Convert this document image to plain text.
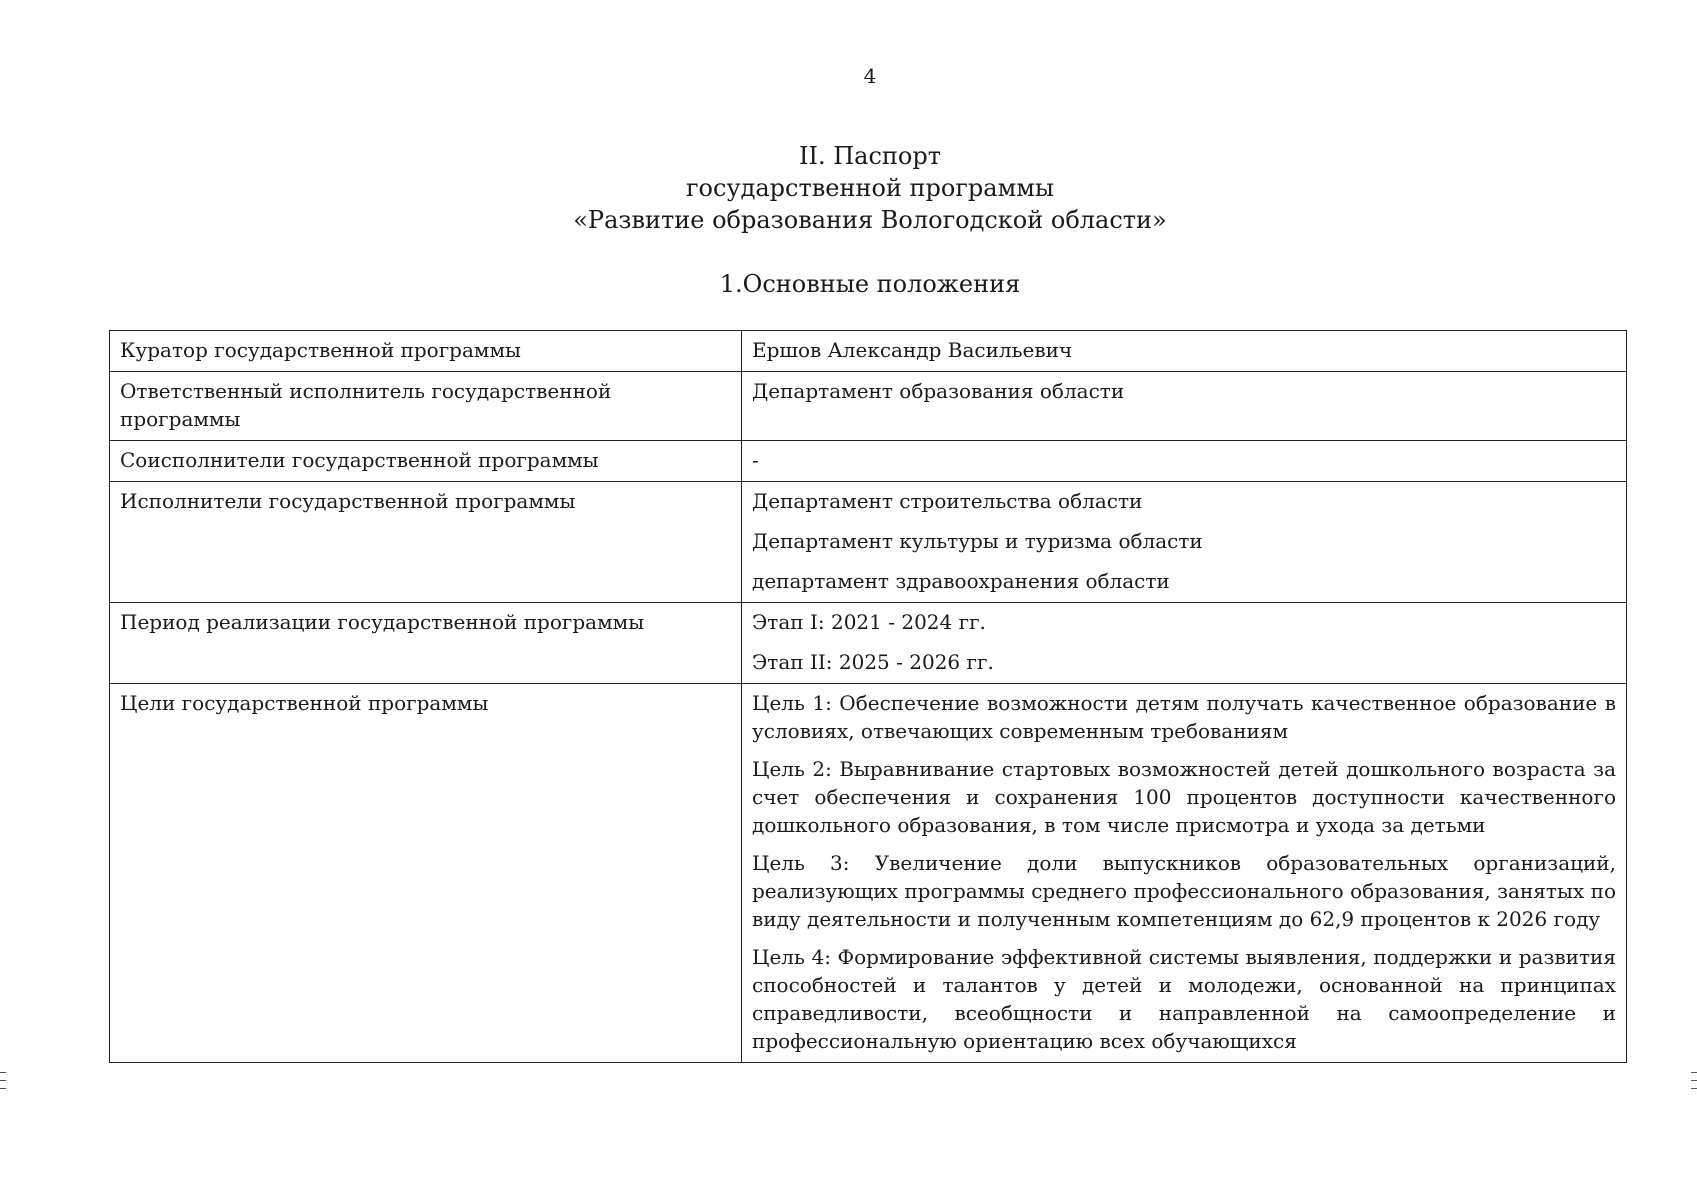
4
II. Паспорт
государственной программы
«Развитие образования Вологодской области»
1.Основные положения
Куратор государственной программы	Ершов Александр Васильевич

Ответственный исполнитель государственной программы	Департамент образования области

Соисполнители государственной программы	-

Исполнители государственной программы	Департамент строительства области

Департамент культуры и туризма области

департамент здравоохранения области

Период реализации государственной программы	Этап I: 2021 - 2024 гг.

Этап II: 2025 - 2026 гг.

Цели государственной программы	Цель 1: Обеспечение возможности детям получать качественное образование в условиях, отвечающих современным требованиям

Цель 2: Выравнивание стартовых возможностей детей дошкольного возраста за счет обеспечения и сохранения 100 процентов доступности качественного дошкольного образования, в том числе присмотра и ухода за детьми

Цель 3: Увеличение доли выпускников образовательных организаций, реализующих программы среднего профессионального образования, занятых по виду деятельности и полученным компетенциям до 62,9 процентов к 2026 году

Цель 4: Формирование эффективной системы выявления, поддержки и развития способностей и талантов у детей и молодежи, основанной на принципах справедливости, всеобщности и направленной на самоопределение и профессиональную ориентацию всех обучающихся
